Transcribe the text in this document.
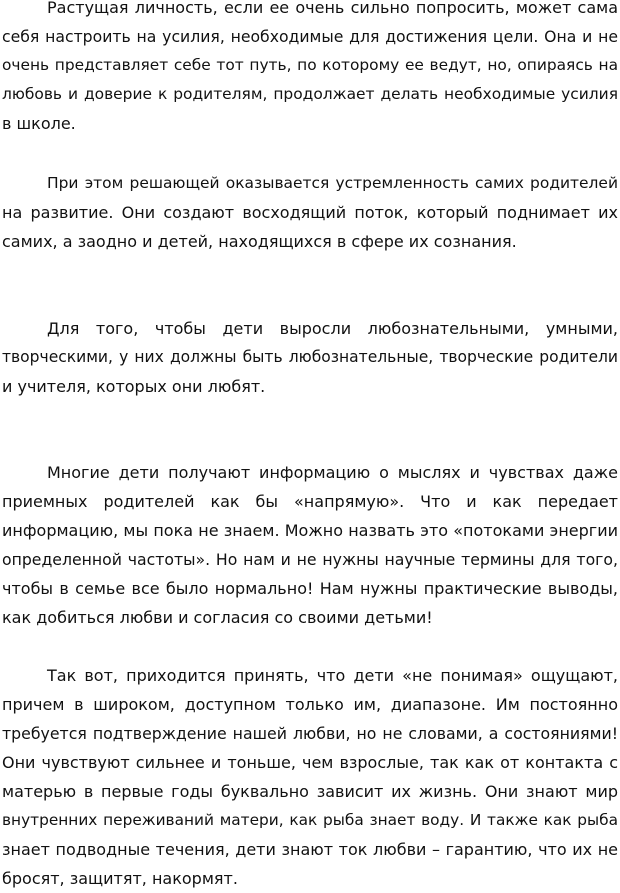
Растущая личность, если ее очень сильно попросить, может сама
себя настроить на усилия, необходимые для достижения цели. Она и не
очень представляет себе тот путь, по которому ее ведут, но, опираясь на
любовь и доверие к родителям, продолжает делать необходимые усилия
в школе.
При этом решающей оказывается устремленность самих родителей
на развитие. Они создают восходящий поток, который поднимает их
самих, а заодно и детей, находящихся в сфере их сознания.
Для того, чтобы дети выросли любознательными, умными,
творческими, у них должны быть любознательные, творческие родители
и учителя, которых они любят.
Многие дети получают информацию о мыслях и чувствах даже
приемных родителей как бы «напрямую». Что и как передает
информацию, мы пока не знаем. Можно назвать это «потоками энергии
определенной частоты». Но нам и не нужны научные термины для того,
чтобы в семье все было нормально! Нам нужны практические выводы,
как добиться любви и согласия со своими детьми!
Так вот, приходится принять, что дети «не понимая» ощущают,
причем в широком, доступном только им, диапазоне. Им постоянно
требуется подтверждение нашей любви, но не словами, а состояниями!
Они чувствуют сильнее и тоньше, чем взрослые, так как от контакта с
матерью в первые годы буквально зависит их жизнь. Они знают мир
внутренних переживаний матери, как рыба знает воду. И также как рыба
знает подводные течения, дети знают ток любви – гарантию, что их не
бросят, защитят, накормят.
